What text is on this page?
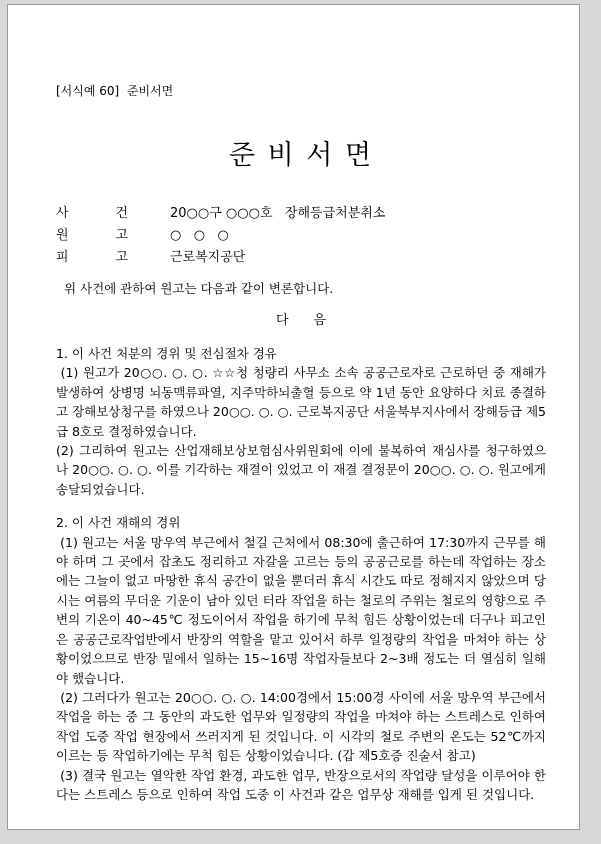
[서식예 60]  준비서면
준 비 서 면
사	건	20○○구 ○○○호   장해등급처분취소
원	고	○   ○   ○
피	고	근로복지공단

위 사건에 관하여 원고는 다음과 같이 변론합니다.

다      음

1. 이 사건 처분의 경위 및 전심절차 경유

(1) 원고가 20○○. ○. ○. ☆☆청 청량리 사무소 소속 공공근로자로 근로하던 중 재해가 발생하여 상병명 뇌동맥류파열, 지주막하뇌출혈 등으로 약 1년 동안 요양하다 치료 종결하고 장해보상청구를 하였으나 20○○. ○. ○. 근로복지공단 서울북부지사에서 장해등급 제5급 8호로 결정하였습니다.

(2) 그리하여 원고는 산업재해보상보험심사위원회에 이에 불복하여 재심사를 청구하였으나 20○○. ○. ○. 이를 기각하는 재결이 있었고 이 재결 결정문이 20○○. ○. ○. 원고에게 송달되었습니다.

2. 이 사건 재해의 경위

(1) 원고는 서울 망우역 부근에서 철길 근처에서 08:30에 출근하여 17:30까지 근무를 해야 하며 그 곳에서 잡초도 정리하고 자갈을 고르는 등의 공공근로를 하는데 작업하는 장소에는 그늘이 없고 마땅한 휴식 공간이 없을 뿐더러 휴식 시간도 따로 정해지지 않았으며 당시는 여름의 무더운 기운이 남아 있던 터라 작업을 하는 철로의 주위는 철로의 영향으로 주변의 기온이 40~45℃ 정도이어서 작업을 하기에 무척 힘든 상황이었는데 더구나 피고인은 공공근로작업반에서 반장의 역할을 맡고 있어서 하루 일정량의 작업을 마쳐야 하는 상황이었으므로 반장 밑에서 일하는 15~16명 작업자들보다 2~3배 정도는 더 열심히 일해야 했습니다.

(2) 그러다가 원고는 20○○. ○. ○. 14:00경에서 15:00경 사이에 서울 망우역 부근에서 작업을 하는 중 그 동안의 과도한 업무와 일정량의 작업을 마쳐야 하는 스트레스로 인하여 작업 도중 작업 현장에서 쓰러지게 된 것입니다. 이 시각의 철로 주변의 온도는 52℃까지 이르는 등 작업하기에는 무척 힘든 상황이었습니다. (갑 제5호증 진술서 참고)

(3) 결국 원고는 열악한 작업 환경, 과도한 업무, 반장으로서의 작업량 달성을 이루어야 한다는 스트레스 등으로 인하여 작업 도중 이 사건과 같은 업무상 재해를 입게 된 것입니다.
